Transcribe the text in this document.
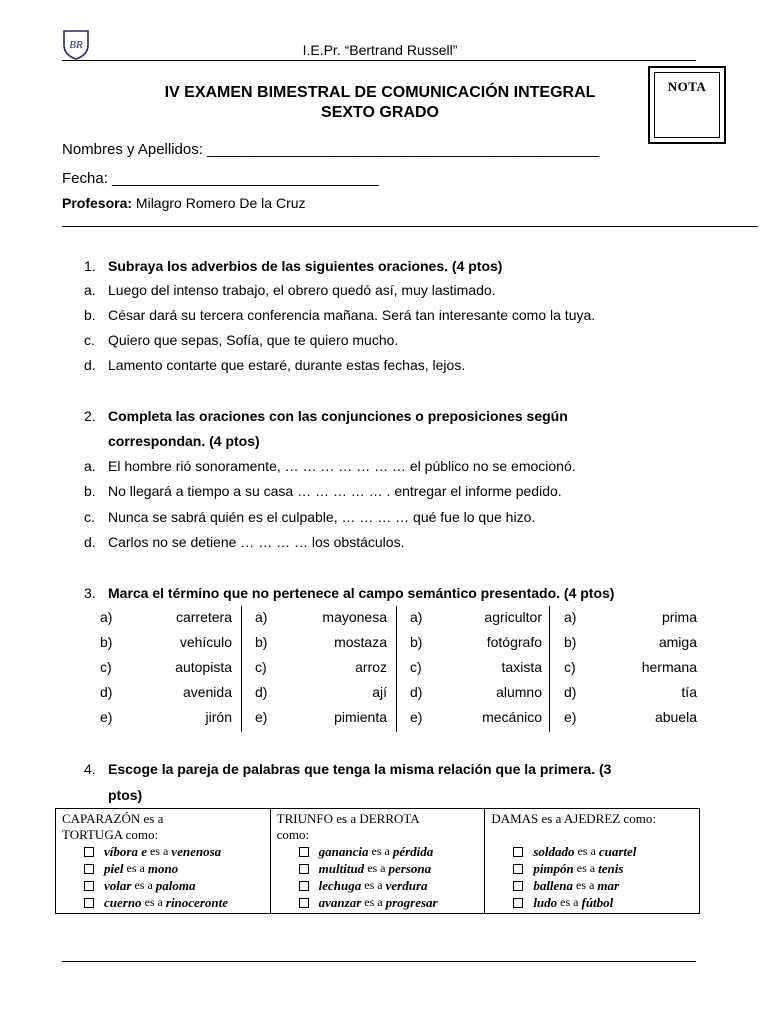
BR	I.E.Pr. “Bertrand Russell”
IV EXAMEN BIMESTRAL DE COMUNICACIÓN INTEGRAL
SEXTO GRADO
NOTA
Nombres y Apellidos: _______________________________________________
Fecha: ________________________________
Profesora: Milagro Romero De la Cruz
1. Subraya los adverbios de las siguientes oraciones. (4 ptos)
a. Luego del intenso trabajo, el obrero quedó así, muy lastimado.
b. César dará su tercera conferencia mañana. Será tan interesante como la tuya.
c. Quiero que sepas, Sofía, que te quiero mucho.
d. Lamento contarte que estaré, durante estas fechas, lejos.
2. Completa las oraciones con las conjunciones o preposiciones según
correspondan. (4 ptos)
a. El hombre rió sonoramente, … … … … … … … el público no se emocionó.
b. No llegará a tiempo a su casa … … … … … . entregar el informe pedido.
c. Nunca se sabrá quién es el culpable, … … … … qué fue lo que hizo.
d. Carlos no se detiene … … … … los obstáculos.
3. Marca el término que no pertenece al campo semántico presentado. (4 ptos)
a)	carretera
b)	vehículo
c)	autopista
d)	avenida
e)	jirón
a)	mayonesa
b)	mostaza
c)	arroz
d)	ají
e)	pimienta
a)	agricultor
b)	fotógrafo
c)	taxista
d)	alumno
e)	mecánico
a)	prima
b)	amiga
c)	hermana
d)	tía
e)	abuela
4. Escoge la pareja de palabras que tenga la misma relación que la primera. (3
ptos)
CAPARAZÓN es a
TORTUGA como:
víbora e es a venenosa
piel es a mono
volar es a paloma
cuerno es a rinoceronte

TRIUNFO es a DERROTA
como:
ganancia es a pérdida
multitud es a persona
lechuga es a verdura
avanzar es a progresar

DAMAS es a AJEDREZ como:

soldado es a cuartel
pimpón es a tenis
ballena es a mar
ludo es a fútbol
